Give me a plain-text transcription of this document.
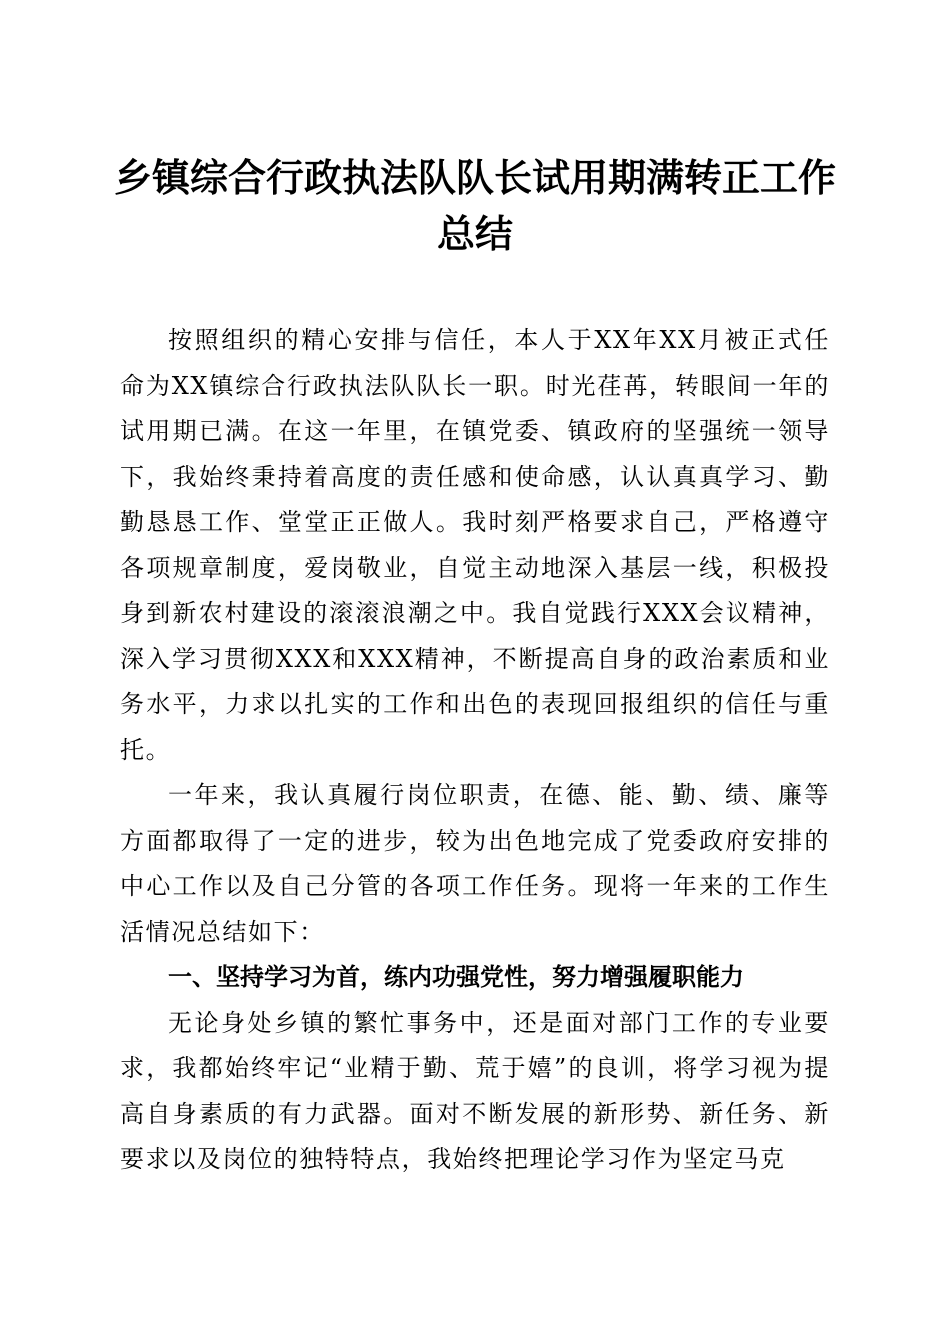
乡镇综合行政执法队队长试用期满转正工作总结

按照组织的精心安排与信任，本人于XX年XX月被正式任命为XX镇综合行政执法队队长一职。时光荏苒，转眼间一年的试用期已满。在这一年里，在镇党委、镇政府的坚强统一领导下，我始终秉持着高度的责任感和使命感，认认真真学习、勤勤恳恳工作、堂堂正正做人。我时刻严格要求自己，严格遵守各项规章制度，爱岗敬业，自觉主动地深入基层一线，积极投身到新农村建设的滚滚浪潮之中。我自觉践行XXX会议精神，深入学习贯彻XXX和XXX精神，不断提高自身的政治素质和业务水平，力求以扎实的工作和出色的表现回报组织的信任与重托。

一年来，我认真履行岗位职责，在德、能、勤、绩、廉等方面都取得了一定的进步，较为出色地完成了党委政府安排的中心工作以及自己分管的各项工作任务。现将一年来的工作生活情况总结如下：

一、坚持学习为首，练内功强党性，努力增强履职能力

无论身处乡镇的繁忙事务中，还是面对部门工作的专业要求，我都始终牢记“业精于勤、荒于嬉”的良训，将学习视为提高自身素质的有力武器。面对不断发展的新形势、新任务、新要求以及岗位的独特特点，我始终把理论学习作为坚定马克
